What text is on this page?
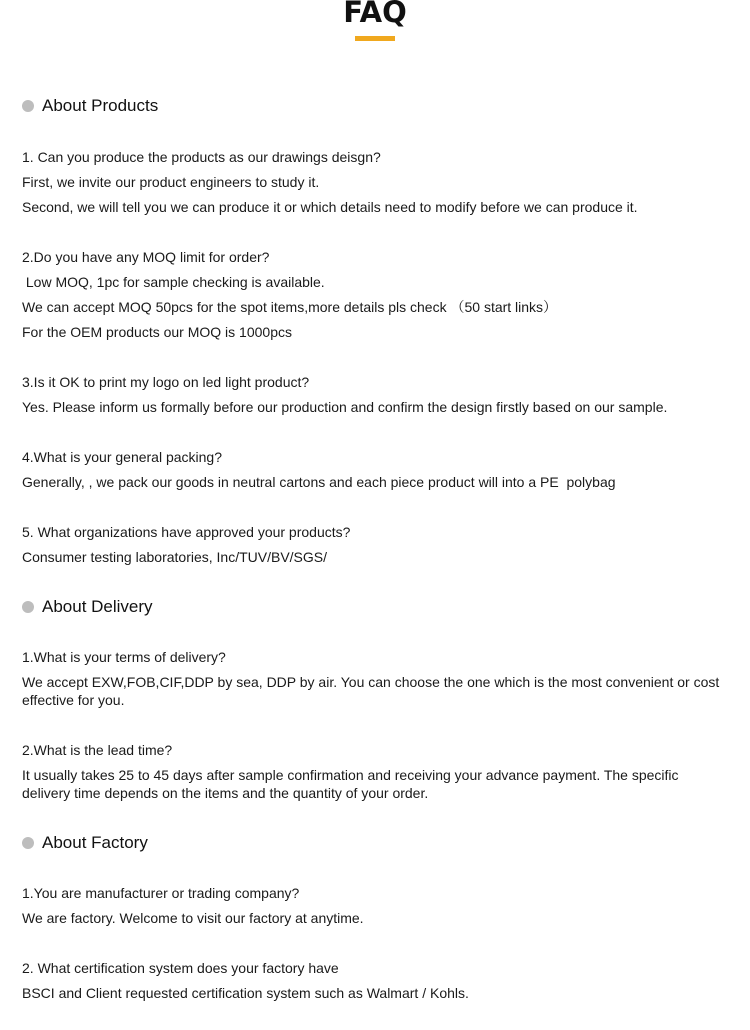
FAQ
About Products
1. Can you produce the products as our drawings deisgn?
First, we invite our product engineers to study it.
Second, we will tell you we can produce it or which details need to modify before we can produce it.
2.Do you have any MOQ limit for order?
Low MOQ, 1pc for sample checking is available.
We can accept MOQ 50pcs for the spot items,more details pls check （50 start links）
For the OEM products our MOQ is 1000pcs
3.Is it OK to print my logo on led light product?
Yes. Please inform us formally before our production and confirm the design firstly based on our sample.
4.What is your general packing?
Generally, , we pack our goods in neutral cartons and each piece product will into a PE  polybag
5. What organizations have approved your products?
Consumer testing laboratories, Inc/TUV/BV/SGS/
About Delivery
1.What is your terms of delivery?
We accept EXW,FOB,CIF,DDP by sea, DDP by air. You can choose the one which is the most convenient or cost effective for you.
2.What is the lead time?
It usually takes 25 to 45 days after sample confirmation and receiving your advance payment. The specific delivery time depends on the items and the quantity of your order.
About Factory
1.You are manufacturer or trading company?
We are factory. Welcome to visit our factory at anytime.
2. What certification system does your factory have
BSCI and Client requested certification system such as Walmart / Kohls.
